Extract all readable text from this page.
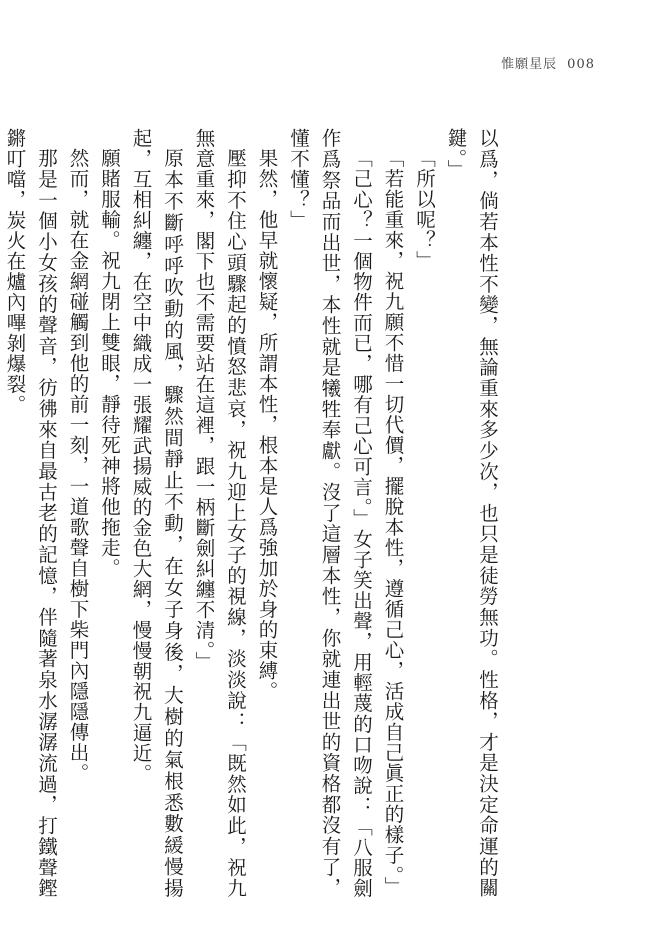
惟願星辰 008

以爲，倘若本性不變，無論重來多少次，也只是徒勞無功。性格，才是決定命運的關鍵。」

「所以呢？」

「若能重來，祝九願不惜一切代價，擺脫本性，遵循己心，活成自己眞正的樣子。」

「己心？一個物件而已，哪有己心可言。」女子笑出聲，用輕蔑的口吻說：「八服劍作爲祭品而出世，本性就是犧牲奉獻。沒了這層本性，你就連出世的資格都沒有了，懂不懂？」

果然，他早就懷疑，所謂本性，根本是人爲強加於身的束縛。

壓抑不住心頭驟起的憤怒悲哀，祝九迎上女子的視線，淡淡說：「既然如此，祝九無意重來，閣下也不需要站在這裡，跟一柄斷劍糾纏不清。」

原本不斷呼呼吹動的風，驟然間靜止不動，在女子身後，大樹的氣根悉數緩慢揚起，互相糾纏，在空中織成一張耀武揚威的金色大網，慢慢朝祝九逼近。

願賭服輸。祝九閉上雙眼，靜待死神將他拖走。

然而，就在金網碰觸到他的前一刻，一道歌聲自樹下柴門內隱隱傳出。

那是一個小女孩的聲音，彷彿來自最古老的記憶，伴隨著泉水潺潺流過，打鐵聲鏗鏘叮噹，炭火在爐內嗶剝爆裂。
